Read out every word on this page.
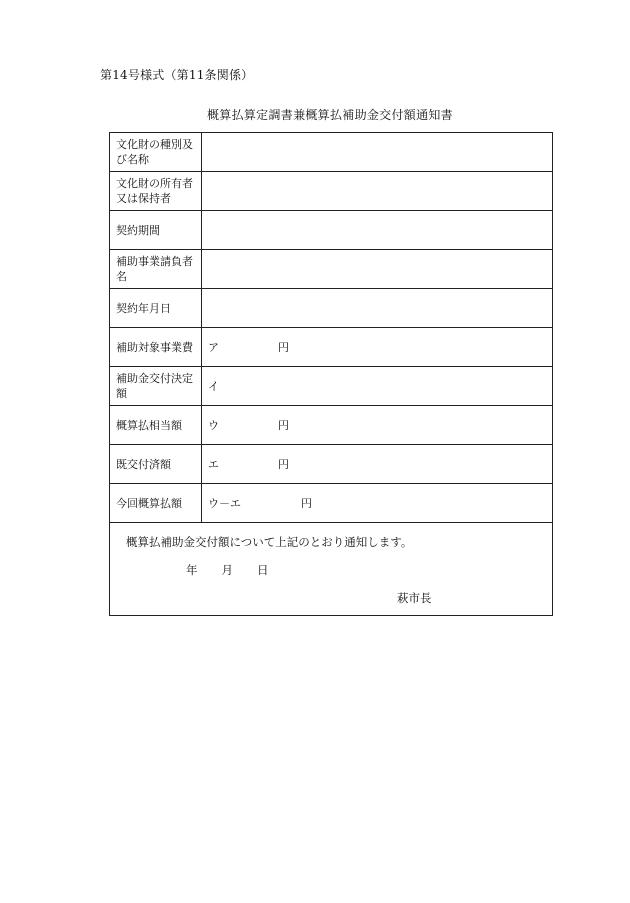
第14号様式（第11条関係）
概算払算定調書兼概算払補助金交付額通知書
文化財の種別及び名称	
文化財の所有者又は保持者	
契約期間	
補助事業請負者名	
契約年月日	
補助対象事業費	ア 円

補助金交付決定額	イ

概算払相当額	ウ 円

既交付済額	エ 円

今回概算払額	ウ－エ 円

概算払補助金交付額について上記のとおり通知します。
年 月 日
萩市長	
